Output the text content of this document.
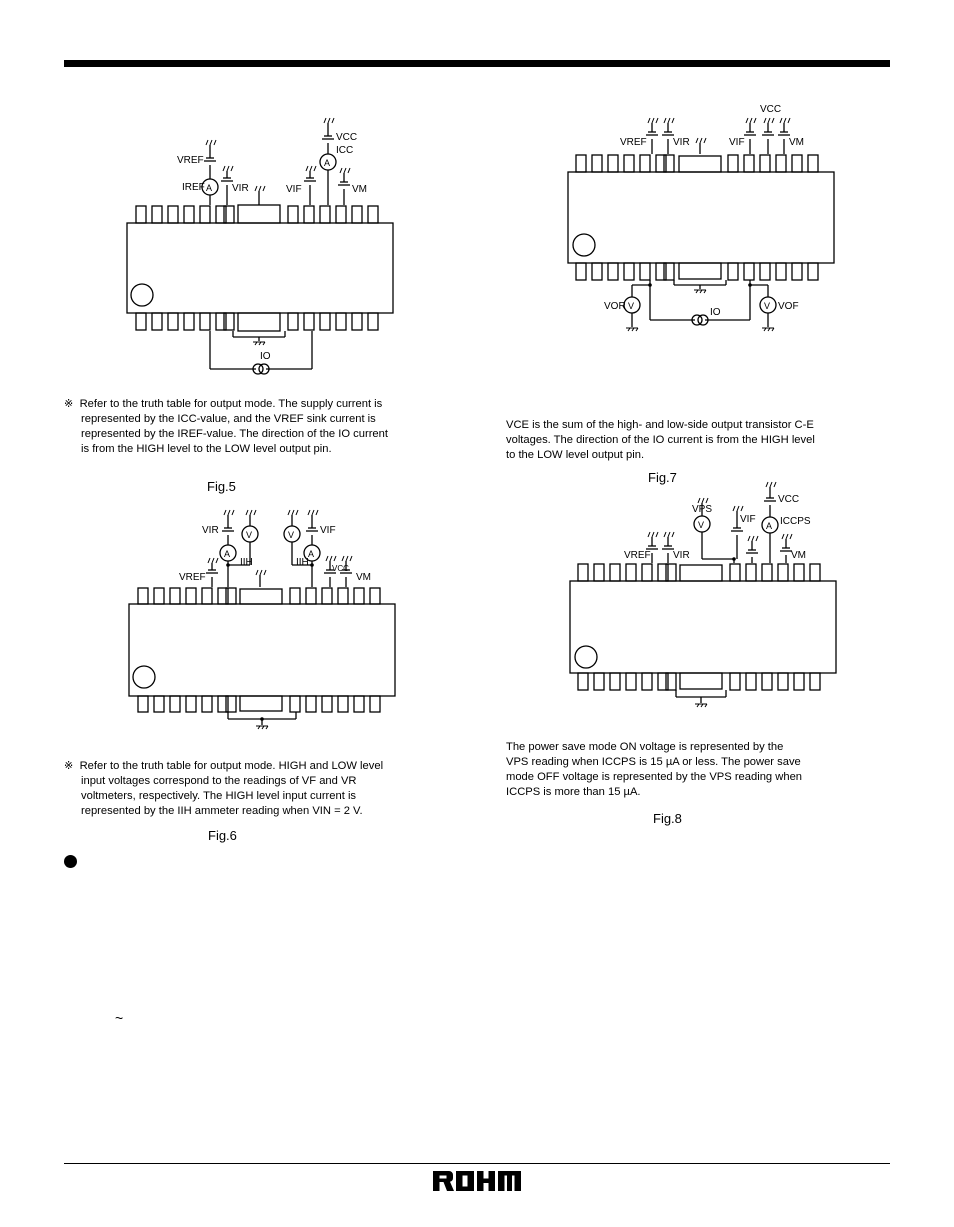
A
A
VREF
IREF	VIR	VIF
VCC
ICC
VM
IO
※ Refer to the truth table for output mode. The supply current is represented by the ICC-value, and the VREF sink current is represented by the IREF-value. The direction of the IO current is from the HIGH level to the LOW level output pin.
Fig.5
A
V	V
A
VIR	VIF
VREF
IIH	IIH
VCC
VM
※ Refer to the truth table for output mode. HIGH and LOW level input voltages correspond to the readings of VF and VR voltmeters, respectively. The HIGH level input current is represented by the IIH ammeter reading when VIN = 2 V.
Fig.6
VCC
VREF	VIR	VIF	VM
V	V
VOR	VOF
IO
VCE is the sum of the high- and low-side output transistor C-E voltages. The direction of the IO current is from the HIGH level to the LOW level output pin.
Fig.7
V	A
VPS
VIF
VCC
ICCPS
VREF VIR	VM
The power save mode ON voltage is represented by the VPS reading when ICCPS is 15 µA or less. The power save mode OFF voltage is represented by the VPS reading when ICCPS is more than 15 µA.
Fig.8
~
